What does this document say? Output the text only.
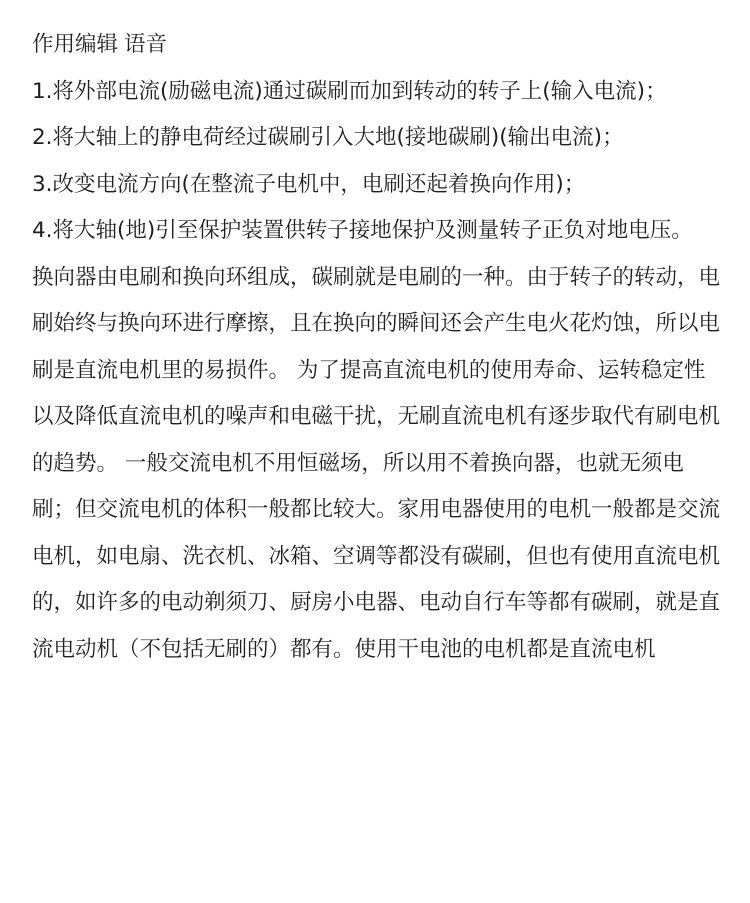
作用编辑 语音

1.将外部电流(励磁电流)通过碳刷而加到转动的转子上(输入电流)；

2.将大轴上的静电荷经过碳刷引入大地(接地碳刷)(输出电流)；

3.改变电流方向(在整流子电机中，电刷还起着换向作用)；

4.将大轴(地)引至保护装置供转子接地保护及测量转子正负对地电压。

换向器由电刷和换向环组成，碳刷就是电刷的一种。由于转子的转动，电刷始终与换向环进行摩擦，且在换向的瞬间还会产生电火花灼蚀，所以电刷是直流电机里的易损件。 为了提高直流电机的使用寿命、运转稳定性以及降低直流电机的噪声和电磁干扰，无刷直流电机有逐步取代有刷电机的趋势。 一般交流电机不用恒磁场，所以用不着换向器，也就无须电刷；但交流电机的体积一般都比较大。家用电器使用的电机一般都是交流电机，如电扇、洗衣机、冰箱、空调等都没有碳刷，但也有使用直流电机的，如许多的电动剃须刀、厨房小电器、电动自行车等都有碳刷，就是直流电动机（不包括无刷的）都有。使用干电池的电机都是直流电机
